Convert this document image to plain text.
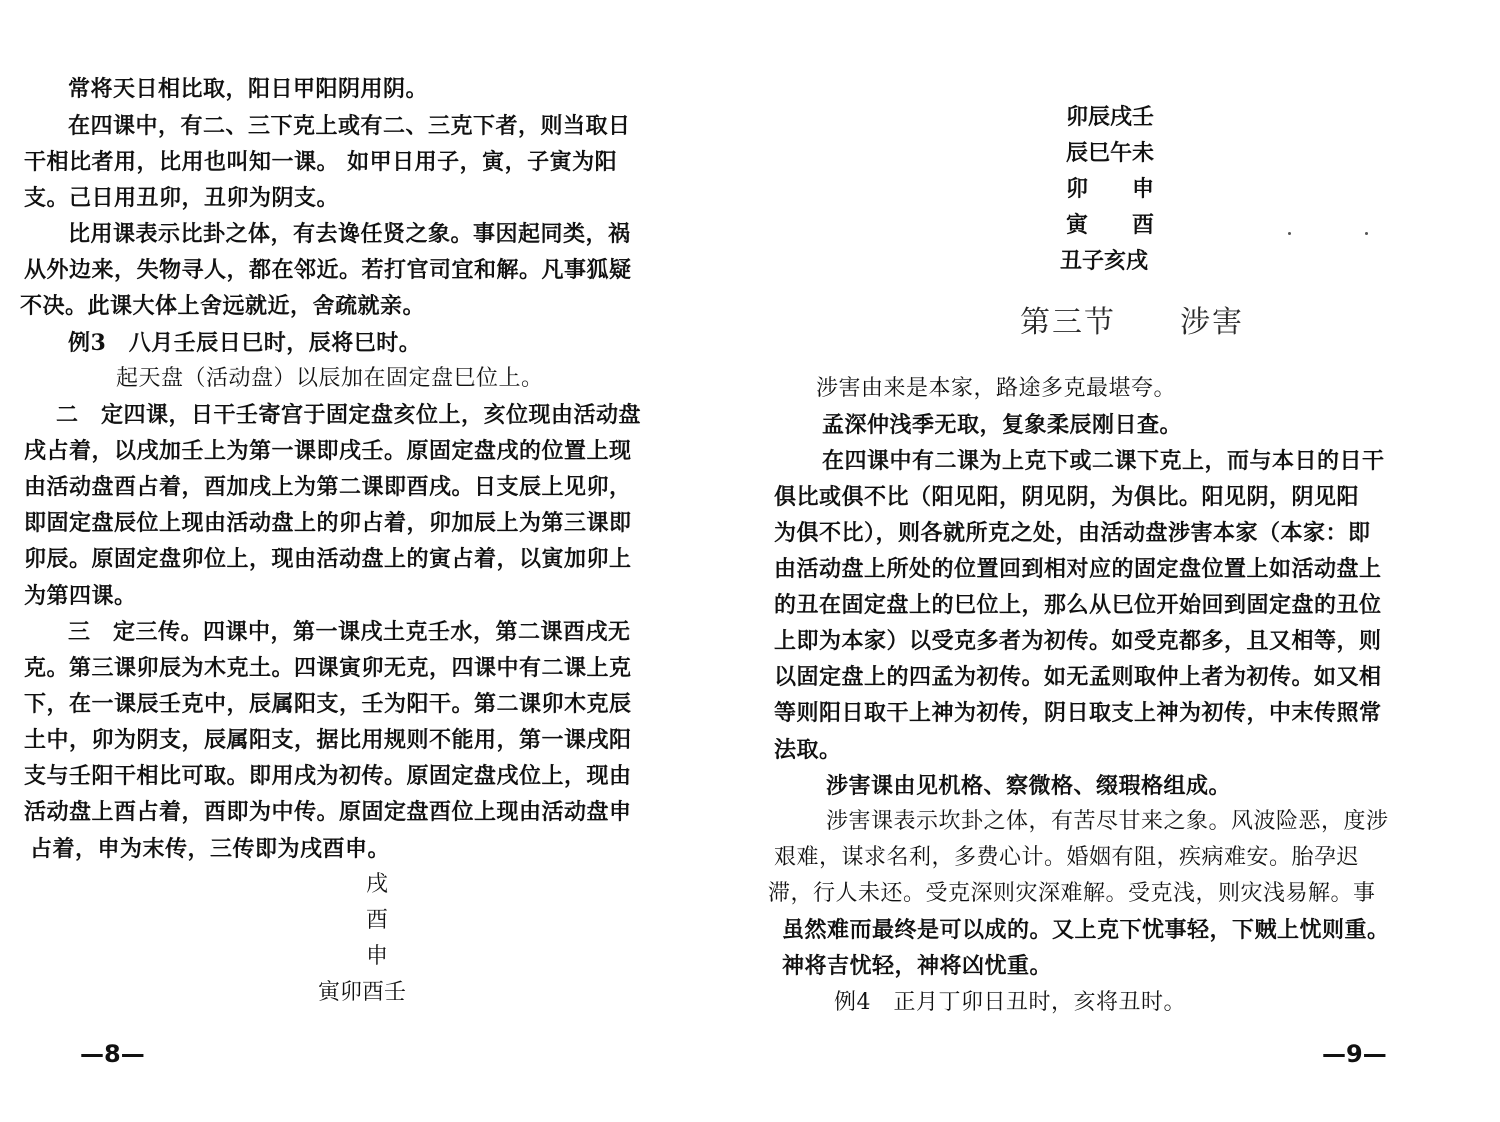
常将天日相比取，阳日甲阳阴用阴。
在四课中，有二、三下克上或有二、三克下者，则当取日
干相比者用，比用也叫知一课。 如甲日用子，寅，子寅为阳
支。己日用丑卯，丑卯为阴支。
比用课表示比卦之体，有去谗任贤之象。事因起同类，祸
从外边来，失物寻人，都在邻近。若打官司宜和解。凡事狐疑
不决。此课大体上舍远就近，舍疏就亲。
例3　八月壬辰日巳时，辰将巳时。
起天盘（活动盘）以辰加在固定盘巳位上。
二　定四课，日干壬寄宫于固定盘亥位上，亥位现由活动盘
戌占着，以戌加壬上为第一课即戌壬。原固定盘戌的位置上现
由活动盘酉占着，酉加戌上为第二课即酉戌。日支辰上见卯，
即固定盘辰位上现由活动盘上的卯占着，卯加辰上为第三课即
卯辰。原固定盘卯位上，现由活动盘上的寅占着，以寅加卯上
为第四课。
三　定三传。四课中，第一课戌土克壬水，第二课酉戌无
克。第三课卯辰为木克土。四课寅卯无克，四课中有二课上克
下，在一课辰壬克中，辰属阳支，壬为阳干。第二课卯木克辰
土中，卯为阴支，辰属阳支，据比用规则不能用，第一课戌阳
支与壬阳干相比可取。即用戌为初传。原固定盘戌位上，现由
活动盘上酉占着，酉即为中传。原固定盘酉位上现由活动盘申
占着，申为末传，三传即为戌酉申。
戌
酉
申
寅卯酉壬
—8—
卯辰戌壬
辰巳午未
卯　　申
寅　　酉
丑子亥戌
第三节　　涉害
涉害由来是本家，路途多克最堪夸。
孟深仲浅季无取，复象柔辰刚日查。
在四课中有二课为上克下或二课下克上，而与本日的日干
俱比或俱不比（阳见阳，阴见阴，为俱比。阳见阴，阴见阳
为俱不比），则各就所克之处，由活动盘涉害本家（本家：即
由活动盘上所处的位置回到相对应的固定盘位置上如活动盘上
的丑在固定盘上的巳位上，那么从巳位开始回到固定盘的丑位
上即为本家）以受克多者为初传。如受克都多，且又相等，则
以固定盘上的四孟为初传。如无孟则取仲上者为初传。如又相
等则阳日取干上神为初传，阴日取支上神为初传，中末传照常
法取。
涉害课由见机格、察微格、缀瑕格组成。
涉害课表示坎卦之体，有苦尽甘来之象。风波险恶，度涉
艰难，谋求名利，多费心计。婚姻有阻，疾病难安。胎孕迟
滞，行人未还。受克深则灾深难解。受克浅，则灾浅易解。事
虽然难而最终是可以成的。又上克下忧事轻，下贼上忧则重。
神将吉忧轻，神将凶忧重。
例4　正月丁卯日丑时，亥将丑时。
—9—
